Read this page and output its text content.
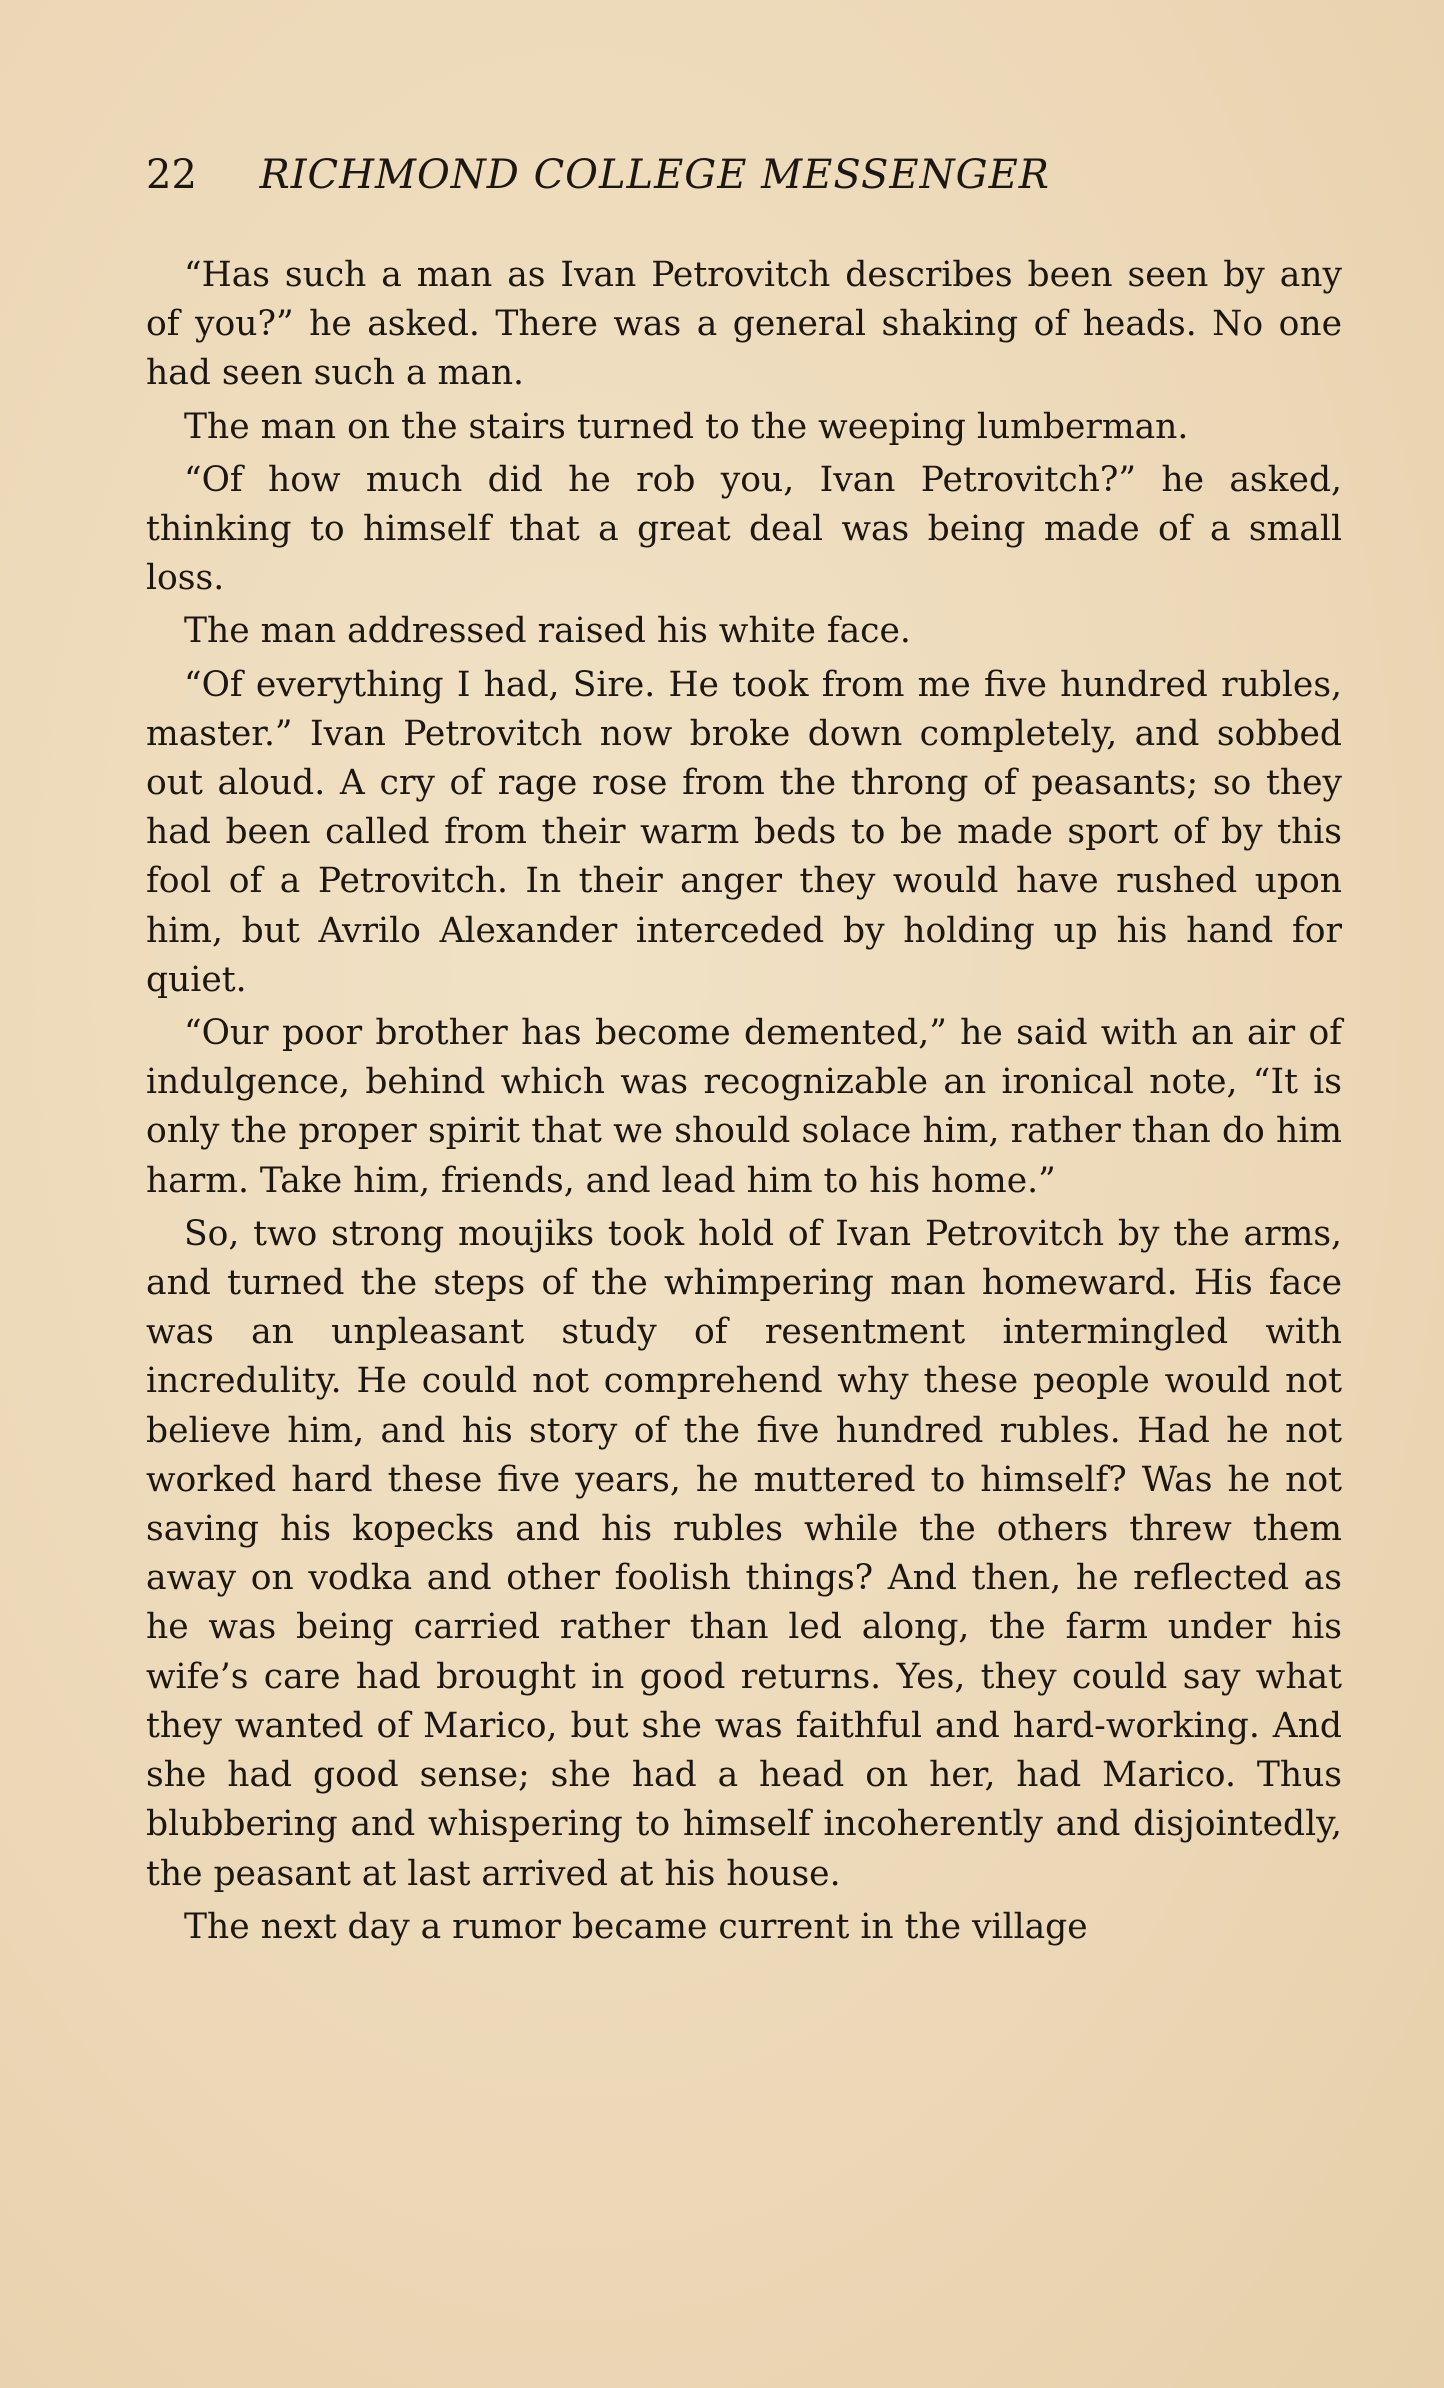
22 RICHMOND COLLEGE MESSENGER

“Has such a man as Ivan Petrovitch describes been seen by any of you?” he asked. There was a general shaking of heads. No one had seen such a man.

The man on the stairs turned to the weeping lumberman.

“Of how much did he rob you, Ivan Petrovitch?” he asked, thinking to himself that a great deal was being made of a small loss.

The man addressed raised his white face.

“Of everything I had, Sire. He took from me five hundred rubles, master.” Ivan Petrovitch now broke down completely, and sobbed out aloud. A cry of rage rose from the throng of peasants; so they had been called from their warm beds to be made sport of by this fool of a Petrovitch. In their anger they would have rushed upon him, but Avrilo Alexander interceded by holding up his hand for quiet.

“Our poor brother has become demented,” he said with an air of indulgence, behind which was recognizable an ironical note, “It is only the proper spirit that we should solace him, rather than do him harm. Take him, friends, and lead him to his home.”

So, two strong moujiks took hold of Ivan Petrovitch by the arms, and turned the steps of the whimpering man homeward. His face was an unpleasant study of resentment intermingled with incredulity. He could not comprehend why these people would not believe him, and his story of the five hundred rubles. Had he not worked hard these five years, he muttered to himself? Was he not saving his kopecks and his rubles while the others threw them away on vodka and other foolish things? And then, he reflected as he was being carried rather than led along, the farm under his wife’s care had brought in good returns. Yes, they could say what they wanted of Marico, but she was faithful and hard-working. And she had good sense; she had a head on her, had Marico. Thus blubbering and whispering to himself incoherently and disjointedly, the peasant at last arrived at his house.

The next day a rumor became current in the village
